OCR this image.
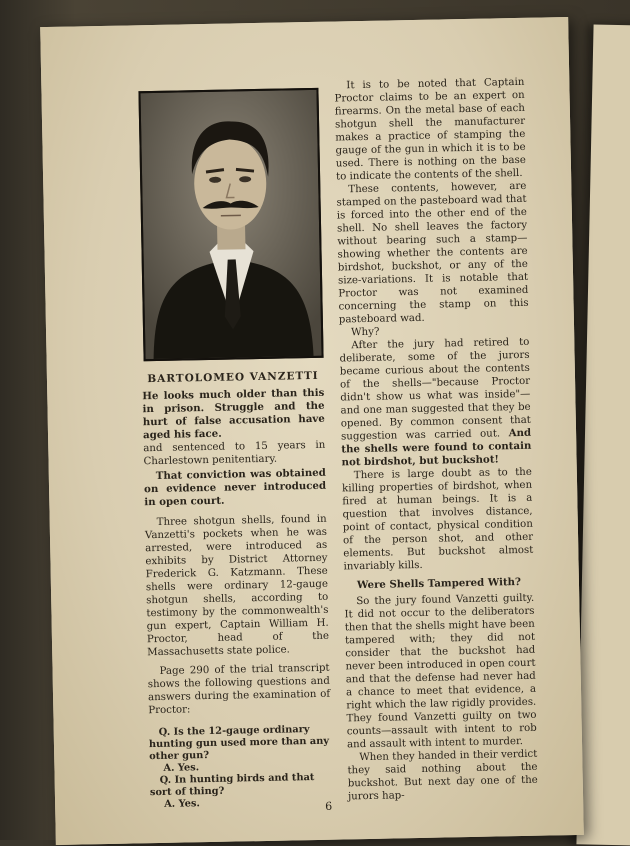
BARTOLOMEO VANZETTI

He looks much older than this in prison. Struggle and the hurt of false accusation have aged his face.

and sentenced to 15 years in Charlestown penitentiary.

That conviction was obtained on evidence never introduced in open court.

Three shotgun shells, found in Vanzetti's pockets when he was arrested, were introduced as exhibits by District Attorney Frederick G. Katzmann. These shells were ordinary 12-gauge shotgun shells, according to testimony by the commonwealth's gun expert, Captain William H. Proctor, head of the Massachusetts state police.

Page 290 of the trial transcript shows the following questions and answers during the examination of Proctor:

Q. Is the 12-gauge ordinary hunting gun used more than any other gun?
A. Yes.
Q. In hunting birds and that sort of thing?
A. Yes.

It is to be noted that Captain Proctor claims to be an expert on firearms. On the metal base of each shotgun shell the manufacturer makes a practice of stamping the gauge of the gun in which it is to be used. There is nothing on the base to indicate the contents of the shell.

These contents, however, are stamped on the pasteboard wad that is forced into the other end of the shell. No shell leaves the factory without bearing such a stamp—showing whether the contents are birdshot, buckshot, or any of the size-variations. It is notable that Proctor was not examined concerning the stamp on this pasteboard wad.

Why?

After the jury had retired to deliberate, some of the jurors became curious about the contents of the shells—"because Proctor didn't show us what was inside"—and one man suggested that they be opened. By common consent that suggestion was carried out. And the shells were found to contain not birdshot, but buckshot!

There is large doubt as to the killing properties of birdshot, when fired at human beings. It is a question that involves distance, point of contact, physical condition of the person shot, and other elements. But buckshot almost invariably kills.

Were Shells Tampered With?

So the jury found Vanzetti guilty. It did not occur to the deliberators then that the shells might have been tampered with; they did not consider that the buckshot had never been introduced in open court and that the defense had never had a chance to meet that evidence, a right which the law rigidly provides. They found Vanzetti guilty on two counts—assault with intent to rob and assault with intent to murder.

When they handed in their verdict they said nothing about the buckshot. But next day one of the jurors hap-

6
